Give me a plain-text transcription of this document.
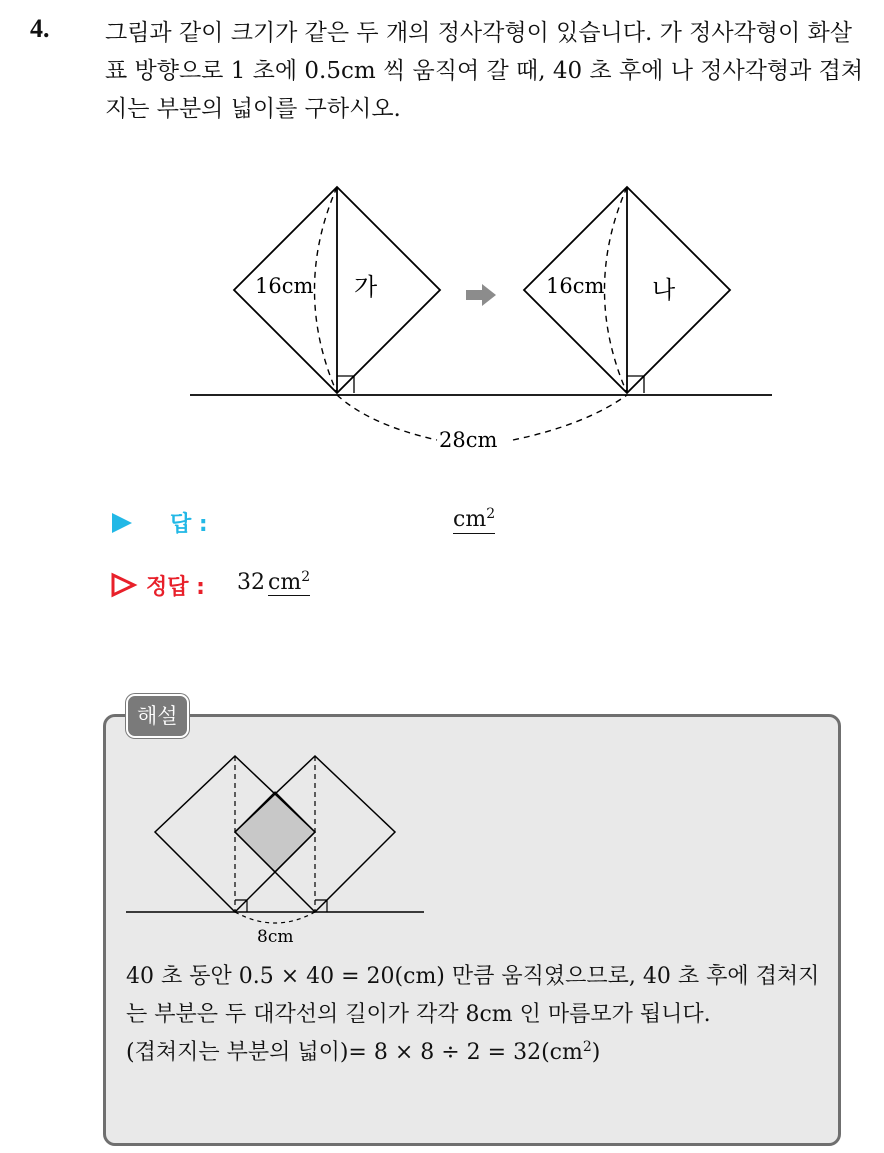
4. 그림과 같이 크기가 같은 두 개의 정사각형이 있습니다. 가 정사각형이 화살표 방향으로 1 초에 0.5cm 씩 움직여 갈 때, 40 초 후에 나 정사각형과 겹쳐지는 부분의 넓이를 구하시오.

16cm 가	16cm 나
28cm
답 :	$cm^2$
정답 : 32 $cm^2$
해설
8cm

40 초 동안 0.5 × 40 = 20(cm) 만큼 움직였으므로, 40 초 후에 겹쳐지는 부분은 두 대각선의 길이가 각각 8cm 인 마름모가 됩니다.

(겹쳐지는 부분의 넓이)= $8 \times 8 \div 2 = 32(cm^2)$
